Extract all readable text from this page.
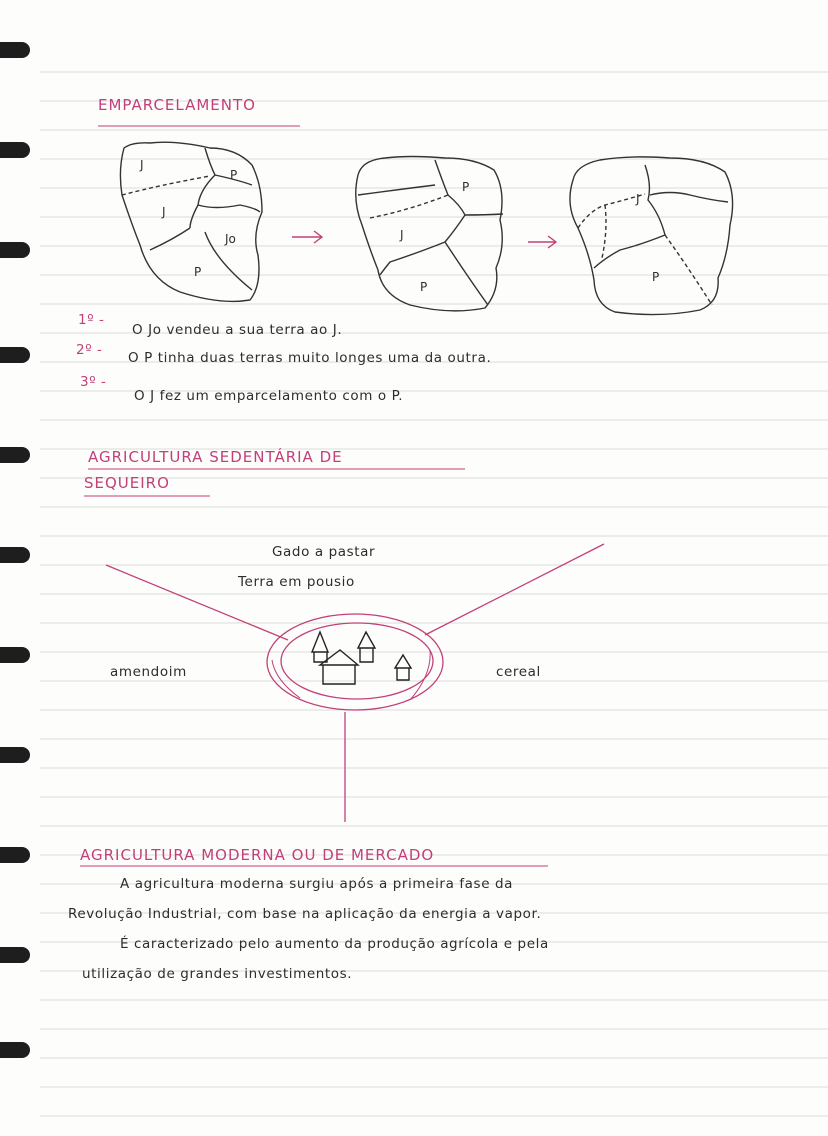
EMPARCELAMENTO
J
P
J
Jo
P
P
J
P
J
P
1º -
O Jo vendeu a sua terra ao J.
2º - O P tinha duas terras muito longes uma da outra.
3º -
O J fez um emparcelamento com o P.
AGRICULTURA SEDENTÁRIA DE
SEQUEIRO
Gado a pastar
Terra em pousio
amendoim	cereal
AGRICULTURA MODERNA OU DE MERCADO
A agricultura moderna surgiu após a primeira fase da
Revolução Industrial, com base na aplicação da energia a vapor.
É caracterizado pelo aumento da produção agrícola e pela
utilização de grandes investimentos.
